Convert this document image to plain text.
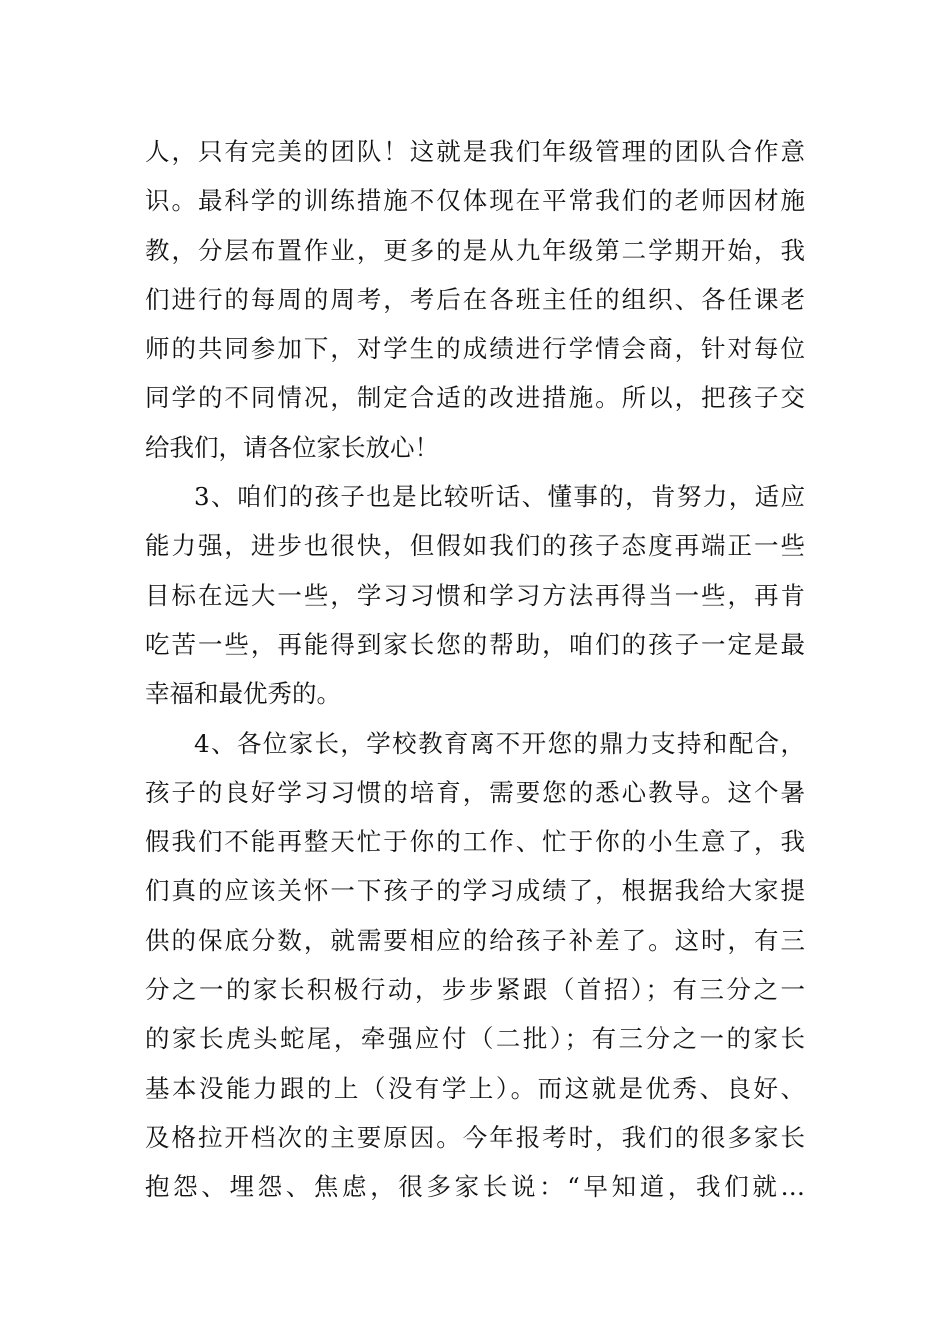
人，只有完美的团队！这就是我们年级管理的团队合作意
识。最科学的训练措施不仅体现在平常我们的老师因材施
教，分层布置作业，更多的是从九年级第二学期开始，我
们进行的每周的周考，考后在各班主任的组织、各任课老
师的共同参加下，对学生的成绩进行学情会商，针对每位
同学的不同情况，制定合适的改进措施。所以，把孩子交
给我们，请各位家长放心！
3、咱们的孩子也是比较听话、懂事的，肯努力，适应
能力强，进步也很快，但假如我们的孩子态度再端正一些
目标在远大一些，学习习惯和学习方法再得当一些，再肯
吃苦一些，再能得到家长您的帮助，咱们的孩子一定是最
幸福和最优秀的。
4、各位家长，学校教育离不开您的鼎力支持和配合，
孩子的良好学习习惯的培育，需要您的悉心教导。这个暑
假我们不能再整天忙于你的工作、忙于你的小生意了，我
们真的应该关怀一下孩子的学习成绩了，根据我给大家提
供的保底分数，就需要相应的给孩子补差了。这时，有三
分之一的家长积极行动，步步紧跟（首招）；有三分之一
的家长虎头蛇尾，牵强应付（二批）；有三分之一的家长
基本没能力跟的上（没有学上）。而这就是优秀、良好、
及格拉开档次的主要原因。今年报考时，我们的很多家长
抱怨、埋怨、焦虑，很多家长说：“早知道，我们就…
